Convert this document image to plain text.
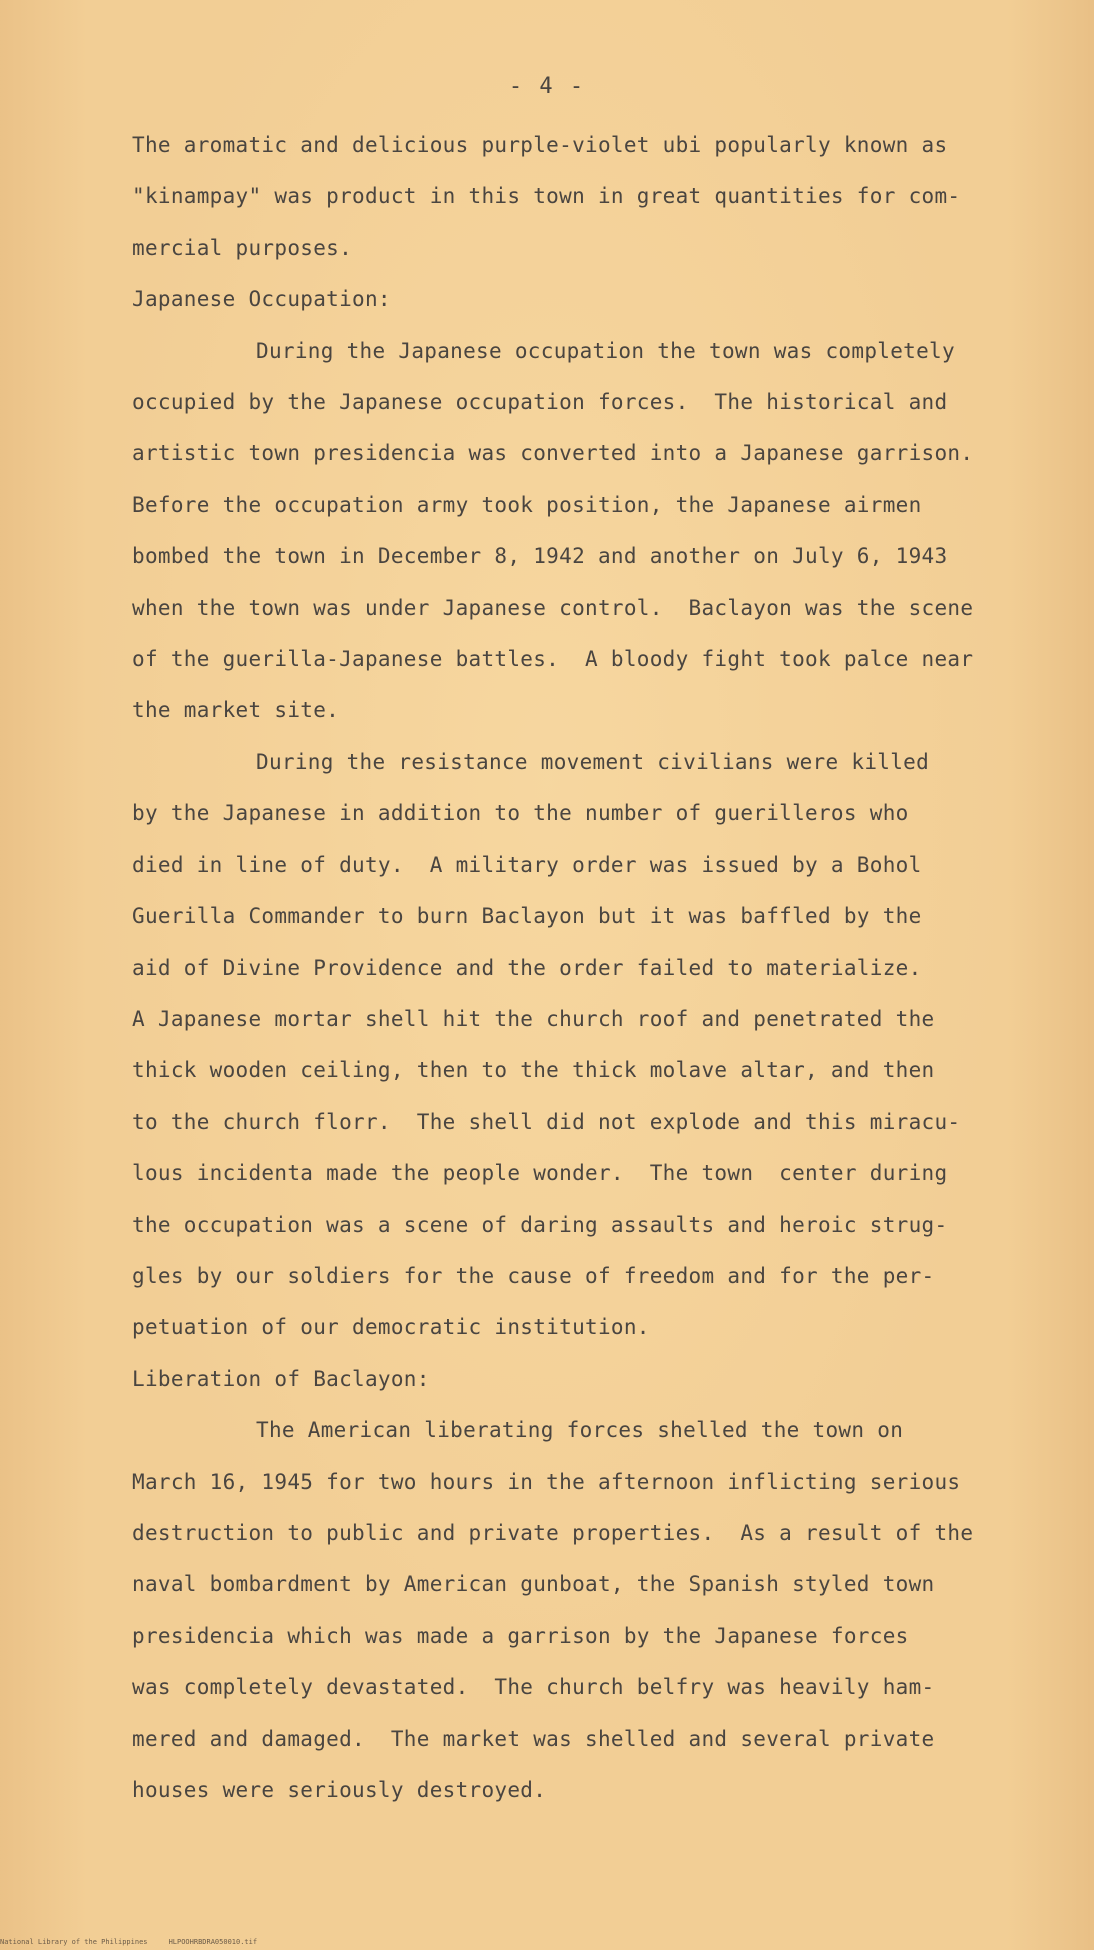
- 4 -
The aromatic and delicious purple-violet ubi popularly known as
"kinampay" was product in this town in great quantities for com-
mercial purposes.
Japanese Occupation:
During the Japanese occupation the town was completely
occupied by the Japanese occupation forces.  The historical and
artistic town presidencia was converted into a Japanese garrison.
Before the occupation army took position, the Japanese airmen
bombed the town in December 8, 1942 and another on July 6, 1943
when the town was under Japanese control.  Baclayon was the scene
of the guerilla-Japanese battles.  A bloody fight took palce near
the market site.
During the resistance movement civilians were killed
by the Japanese in addition to the number of guerilleros who
died in line of duty.  A military order was issued by a Bohol
Guerilla Commander to burn Baclayon but it was baffled by the
aid of Divine Providence and the order failed to materialize.
A Japanese mortar shell hit the church roof and penetrated the
thick wooden ceiling, then to the thick molave altar, and then
to the church florr.  The shell did not explode and this miracu-
lous incidenta made the people wonder.  The town  center during
the occupation was a scene of daring assaults and heroic strug-
gles by our soldiers for the cause of freedom and for the per-
petuation of our democratic institution.
Liberation of Baclayon:
The American liberating forces shelled the town on
March 16, 1945 for two hours in the afternoon inflicting serious
destruction to public and private properties.  As a result of the
naval bombardment by American gunboat, the Spanish styled town
presidencia which was made a garrison by the Japanese forces
was completely devastated.  The church belfry was heavily ham-
mered and damaged.  The market was shelled and several private
houses were seriously destroyed.
National Library of the Philippines     HLPOOHRBDRA050010.tif
